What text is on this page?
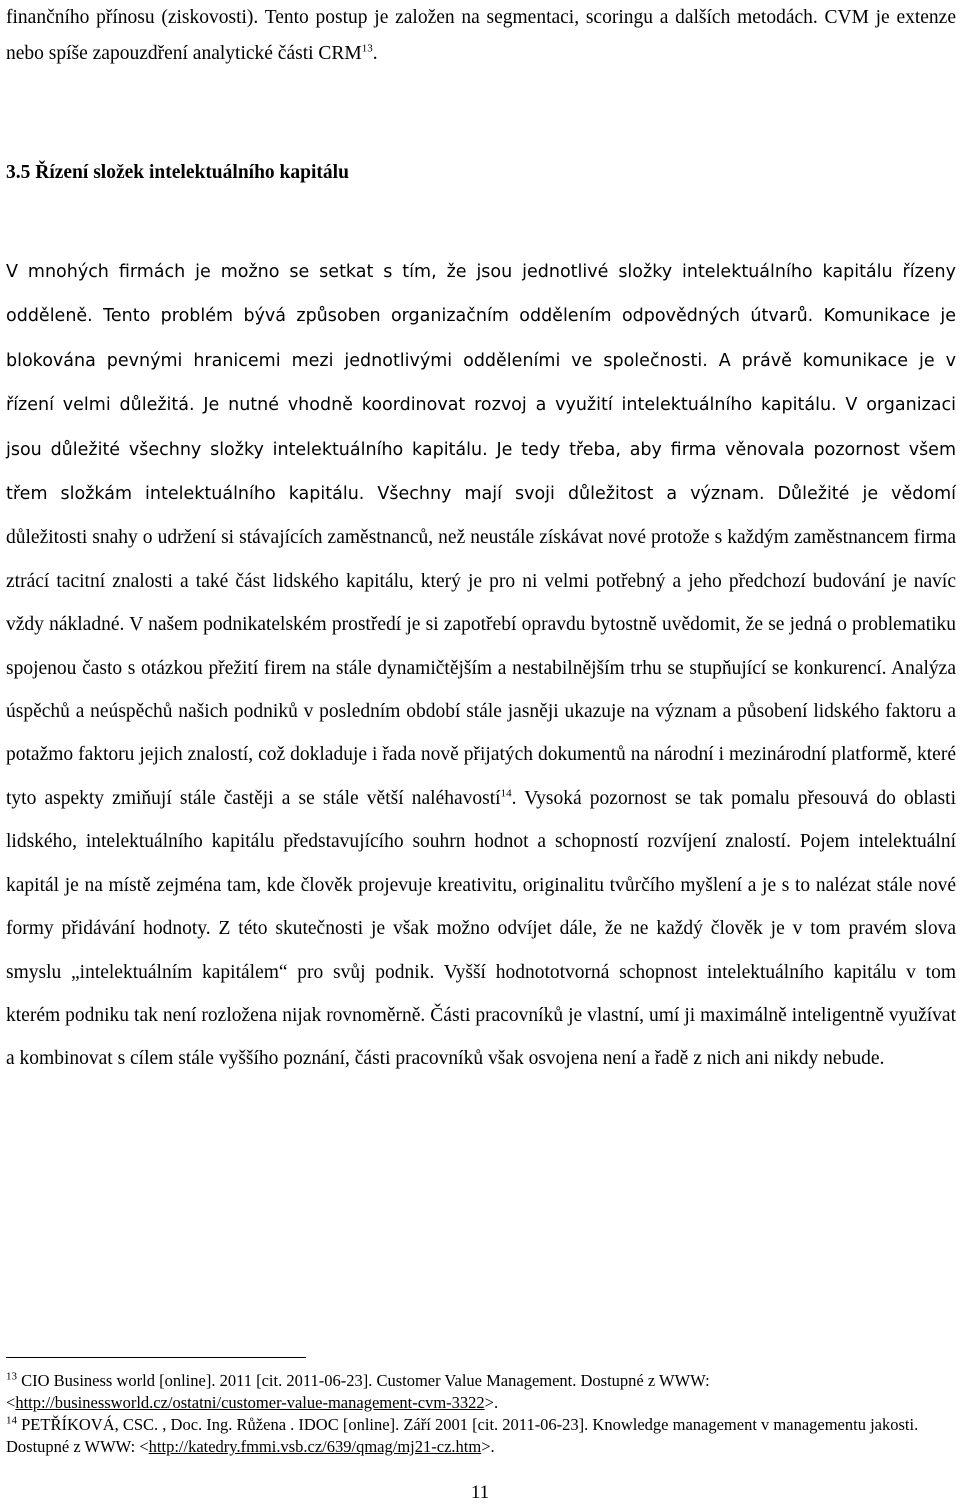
finančního přínosu (ziskovosti). Tento postup je založen na segmentaci, scoringu a dalších metodách. CVM je extenze nebo spíše zapouzdření analytické části CRM$^{13}$.

3.5 Řízení složek intelektuálního kapitálu

V mnohých firmách je možno se setkat s tím, že jsou jednotlivé složky intelektuálního kapitálu řízeny odděleně. Tento problém bývá způsoben organizačním oddělením odpovědných útvarů. Komunikace je blokována pevnými hranicemi mezi jednotlivými odděleními ve společnosti. A právě komunikace je v řízení velmi důležitá. Je nutné vhodně koordinovat rozvoj a využití intelektuálního kapitálu. V organizaci jsou důležité všechny složky intelektuálního kapitálu. Je tedy třeba, aby firma věnovala pozornost všem třem složkám intelektuálního kapitálu. Všechny mají svoji důležitost a význam. Důležité je vědomí důležitosti snahy o udržení si stávajících zaměstnanců, než neustále získávat nové protože s každým zaměstnancem firma ztrácí tacitní znalosti a také část lidského kapitálu, který je pro ni velmi potřebný a jeho předchozí budování je navíc vždy nákladné. V našem podnikatelském prostředí je si zapotřebí opravdu bytostně uvědomit, že se jedná o problematiku spojenou často s otázkou přežití firem na stále dynamičtějším a nestabilnějším trhu se stupňující se konkurencí. Analýza úspěchů a neúspěchů našich podniků v posledním období stále jasněji ukazuje na význam a působení lidského faktoru a potažmo faktoru jejich znalostí, což dokladuje i řada nově přijatých dokumentů na národní i mezinárodní platformě, které tyto aspekty zmiňují stále častěji a se stále větší naléhavostí$^{14}$. Vysoká pozornost se tak pomalu přesouvá do oblasti lidského, intelektuálního kapitálu představujícího souhrn hodnot a schopností rozvíjení znalostí. Pojem intelektuální kapitál je na místě zejména tam, kde člověk projevuje kreativitu, originalitu tvůrčího myšlení a je s to nalézat stále nové formy přidávání hodnoty. Z této skutečnosti je však možno odvíjet dále, že ne každý člověk je v tom pravém slova smyslu „intelektuálním kapitálem“ pro svůj podnik. Vyšší hodnototvorná schopnost intelektuálního kapitálu v tom kterém podniku tak není rozložena nijak rovnoměrně. Části pracovníků je vlastní, umí ji maximálně inteligentně využívat a kombinovat s cílem stále vyššího poznání, části pracovníků však osvojena není a řadě z nich ani nikdy nebude.

$^{13}$ CIO Business world [online]. 2011 [cit. 2011-06-23]. Customer Value Management. Dostupné z WWW: <http://businessworld.cz/ostatni/customer-value-management-cvm-3322>.

$^{14}$ PETŘÍKOVÁ, CSC. , Doc. Ing. Růžena . IDOC [online]. Září 2001 [cit. 2011-06-23]. Knowledge management v managementu jakosti. Dostupné z WWW: <http://katedry.fmmi.vsb.cz/639/qmag/mj21-cz.htm>.

11
